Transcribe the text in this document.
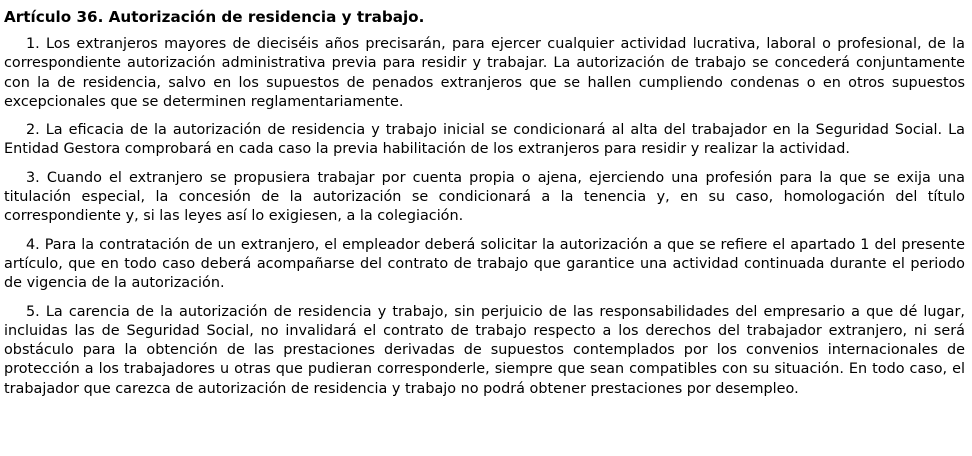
Artículo 36. Autorización de residencia y trabajo.

1. Los extranjeros mayores de dieciséis años precisarán, para ejercer cualquier actividad lucrativa, laboral o profesional, de la correspondiente autorización administrativa previa para residir y trabajar. La autorización de trabajo se concederá conjuntamente con la de residencia, salvo en los supuestos de penados extranjeros que se hallen cumpliendo condenas o en otros supuestos excepcionales que se determinen reglamentariamente.

2. La eficacia de la autorización de residencia y trabajo inicial se condicionará al alta del trabajador en la Seguridad Social. La Entidad Gestora comprobará en cada caso la previa habilitación de los extranjeros para residir y realizar la actividad.

3. Cuando el extranjero se propusiera trabajar por cuenta propia o ajena, ejerciendo una profesión para la que se exija una titulación especial, la concesión de la autorización se condicionará a la tenencia y, en su caso, homologación del título correspondiente y, si las leyes así lo exigiesen, a la colegiación.

4. Para la contratación de un extranjero, el empleador deberá solicitar la autorización a que se refiere el apartado 1 del presente artículo, que en todo caso deberá acompañarse del contrato de trabajo que garantice una actividad continuada durante el periodo de vigencia de la autorización.

5. La carencia de la autorización de residencia y trabajo, sin perjuicio de las responsabilidades del empresario a que dé lugar, incluidas las de Seguridad Social, no invalidará el contrato de trabajo respecto a los derechos del trabajador extranjero, ni será obstáculo para la obtención de las prestaciones derivadas de supuestos contemplados por los convenios internacionales de protección a los trabajadores u otras que pudieran corresponderle, siempre que sean compatibles con su situación. En todo caso, el trabajador que carezca de autorización de residencia y trabajo no podrá obtener prestaciones por desempleo.
